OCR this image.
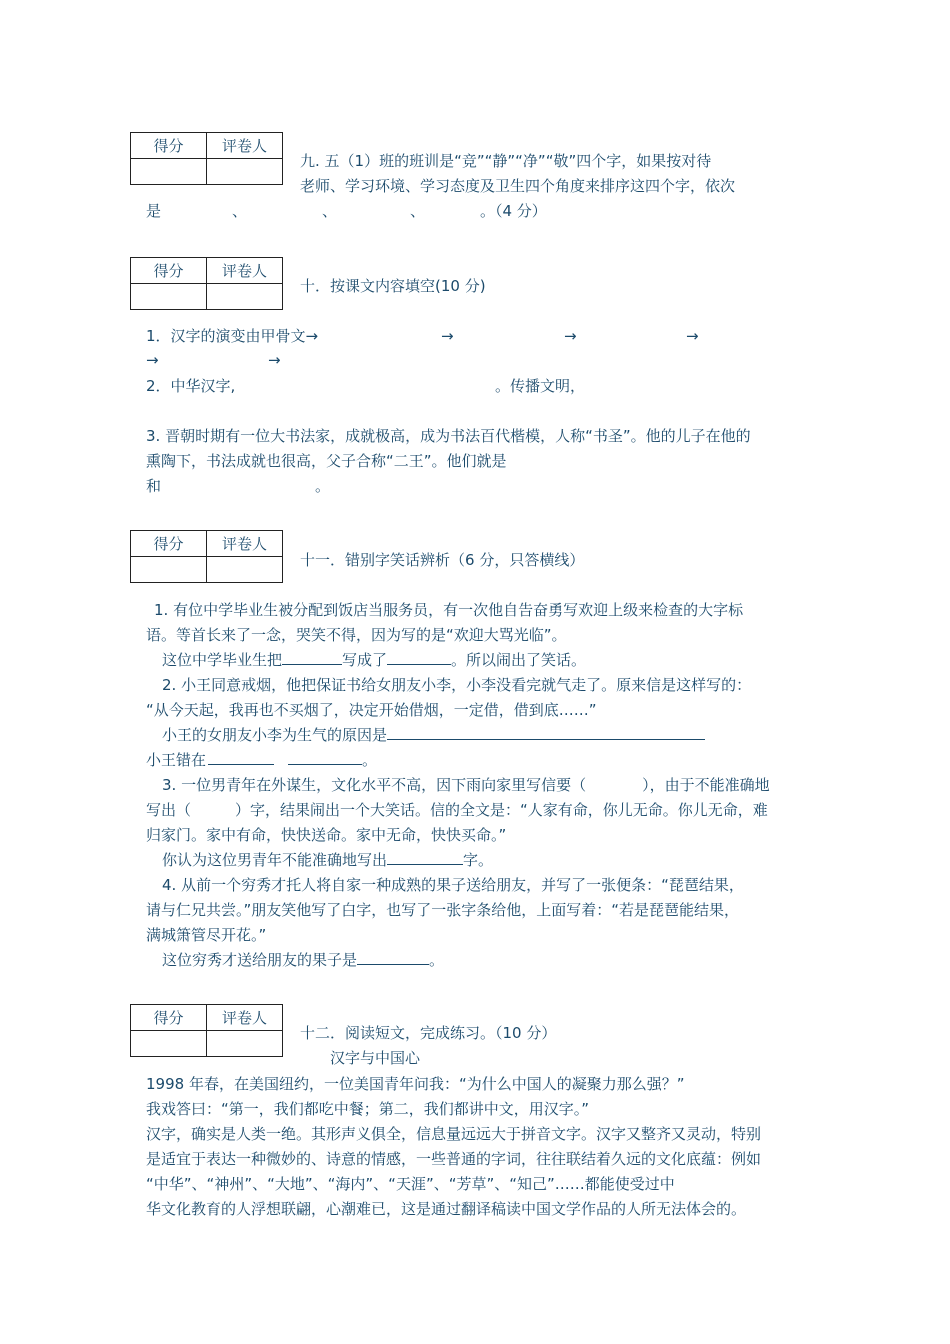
得分	评卷人

得分	评卷人

得分	评卷人

得分	评卷人

九. 五（1）班的班训是“竞”“静”“净”“敬”四个字，如果按对待
老师、学习环境、学习态度及卫生四个角度来排序这四个字，依次
是	、	、	、	。（4 分）
十．按课文内容填空(10 分)
1．汉字的演变由甲骨文→	→	→	→
→	→
2．中华汉字,	。传播文明，
3. 晋朝时期有一位大书法家，成就极高，成为书法百代楷模，人称“书圣”。他的儿子在他的
熏陶下，书法成就也很高，父子合称“二王”。他们就是
和	。
十一．错别字笑话辨析（6 分，只答横线）
1. 有位中学毕业生被分配到饭店当服务员，有一次他自告奋勇写欢迎上级来检查的大字标
语。等首长来了一念，哭笑不得，因为写的是“欢迎大骂光临”。
这位中学毕业生把	写成了	。所以闹出了笑话。
2. 小王同意戒烟，他把保证书给女朋友小李，小李没看完就气走了。原来信是这样写的：
“从今天起，我再也不买烟了，决定开始借烟，一定借，借到底……”
小王的女朋友小李为生气的原因是
小王错在	。
3. 一位男青年在外谋生，文化水平不高，因下雨向家里写信要（	），由于不能准确地
写出（	）字，结果闹出一个大笑话。信的全文是：“人家有命，你儿无命。你儿无命，难
归家门。家中有命，快快送命。家中无命，快快买命。”
你认为这位男青年不能准确地写出	字。
4. 从前一个穷秀才托人将自家一种成熟的果子送给朋友，并写了一张便条：“琵琶结果，
请与仁兄共尝。”朋友笑他写了白字，也写了一张字条给他，上面写着：“若是琵琶能结果，
满城箫管尽开花。”
这位穷秀才送给朋友的果子是	。
十二．阅读短文，完成练习。（10 分）
汉字与中国心
1998 年春，在美国纽约，一位美国青年问我：“为什么中国人的凝聚力那么强？”
我戏答曰：“第一，我们都吃中餐；第二，我们都讲中文，用汉字。”
汉字，确实是人类一绝。其形声义俱全，信息量远远大于拼音文字。汉字又整齐又灵动，特别
是适宜于表达一种微妙的、诗意的情感，一些普通的字词，往往联结着久远的文化底蕴：例如
“中华”、“神州”、“大地”、“海内”、“天涯”、“芳草”、“知己”……都能使受过中
华文化教育的人浮想联翩，心潮难已，这是通过翻译稿读中国文学作品的人所无法体会的。
